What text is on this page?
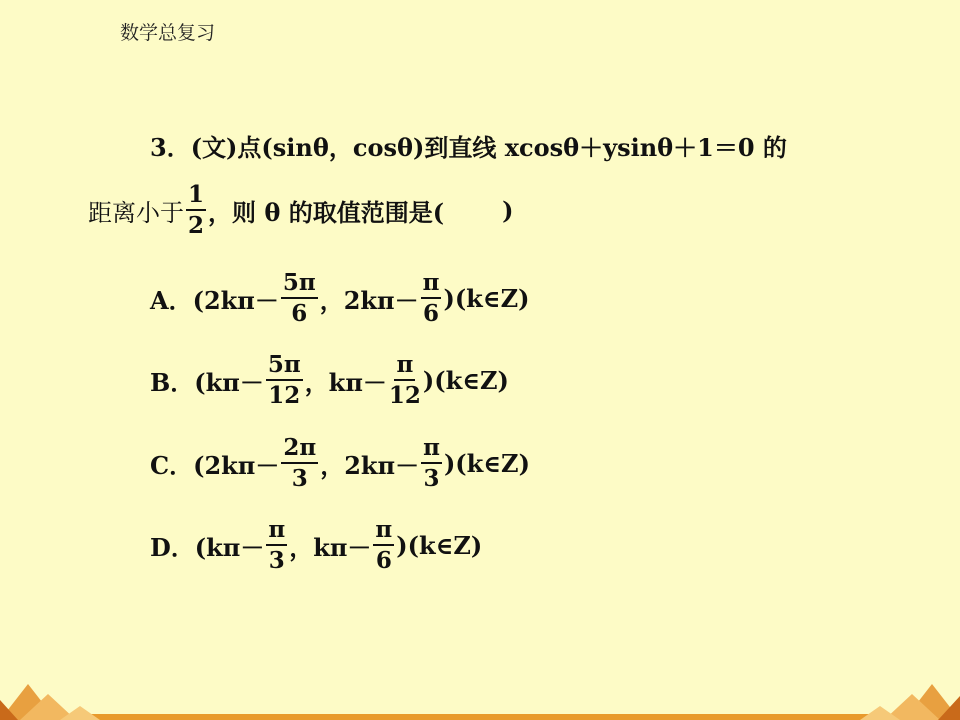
数学总复习
3．(文)点(sinθ，cosθ)到直线 xcosθ＋ysinθ＋1＝0 的
距离小于 $\frac{1}{2}$ ，则 θ 的取值范围是( )
A．($2k\pi- \frac{5\pi}{6}$ ，$2k\pi- \frac{\pi}{6}$ )(k∈Z)
B．($k\pi- \frac{5\pi}{12}$ ，$k\pi- \frac{\pi}{12}$ )(k∈Z)
C．($2k\pi- \frac{2\pi}{3}$ ，$2k\pi- \frac{\pi}{3}$ )(k∈Z)
D．($k\pi- \frac{\pi}{3}$ ，$k\pi- \frac{\pi}{6}$ )(k∈Z)
